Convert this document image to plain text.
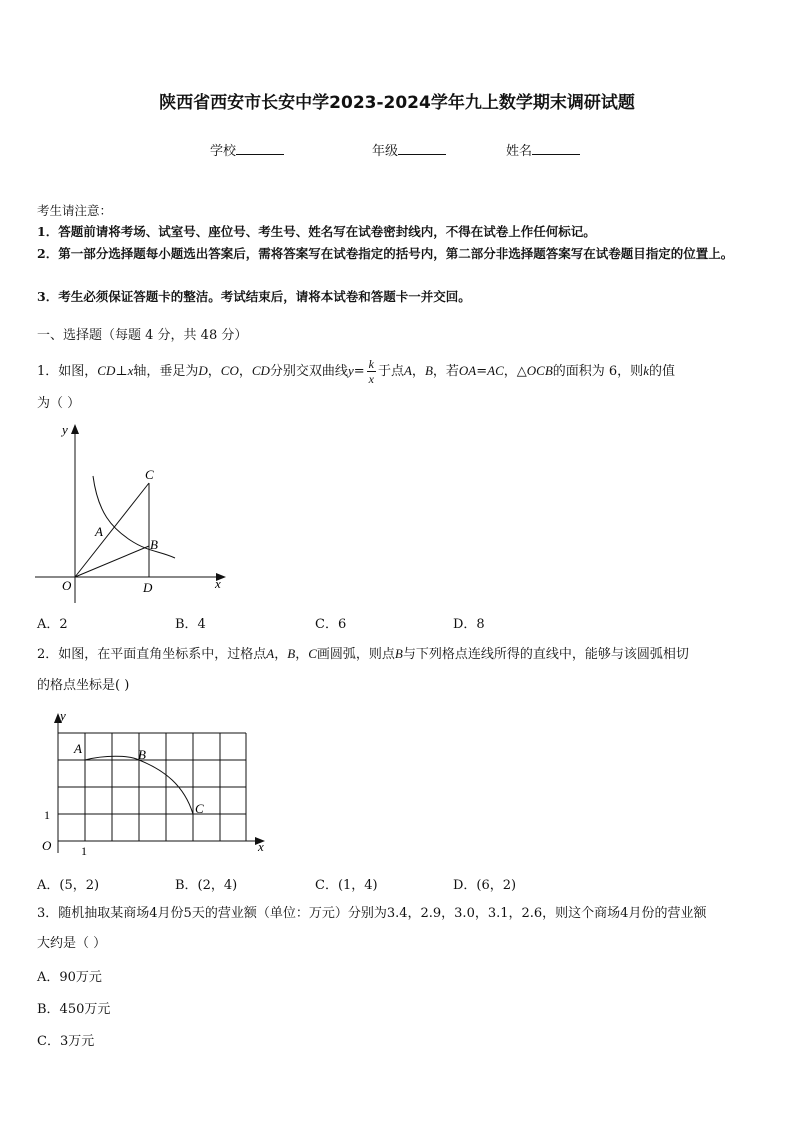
陕西省西安市长安中学2023-2024学年九上数学期末调研试题
学校	年级	姓名
考生请注意：
1．答题前请将考场、试室号、座位号、考生号、姓名写在试卷密封线内，不得在试卷上作任何标记。
2．第一部分选择题每小题选出答案后，需将答案写在试卷指定的括号内，第二部分非选择题答案写在试卷题目指定的位置上。
3．考生必须保证答题卡的整洁。考试结束后，请将本试卷和答题卡一并交回。
一、选择题（每题 4 分，共 48 分）
1．如图，CD⊥x轴，垂足为D，CO，CD分别交双曲线$y= \frac{k}{x}$ 于点A，B，若OA=AC，△OCB的面积为 6，则k的值
为（ ）
y
x
O
A
B
C
D
A．2	B．4	C．6	D．8
2．如图，在平面直角坐标系中，过格点A，B，C画圆弧，则点B与下列格点连线所得的直线中，能够与该圆弧相切
的格点坐标是( )
y
x
O
A	B
C
1
1
A．(5，2)	B．(2，4)	C．(1，4)	D．(6，2)
3．随机抽取某商场4月份5天的营业额（单位：万元）分别为3.4，2.9，3.0，3.1，2.6，则这个商场4月份的营业额
大约是（ ）
A．90万元
B．450万元
C．3万元
